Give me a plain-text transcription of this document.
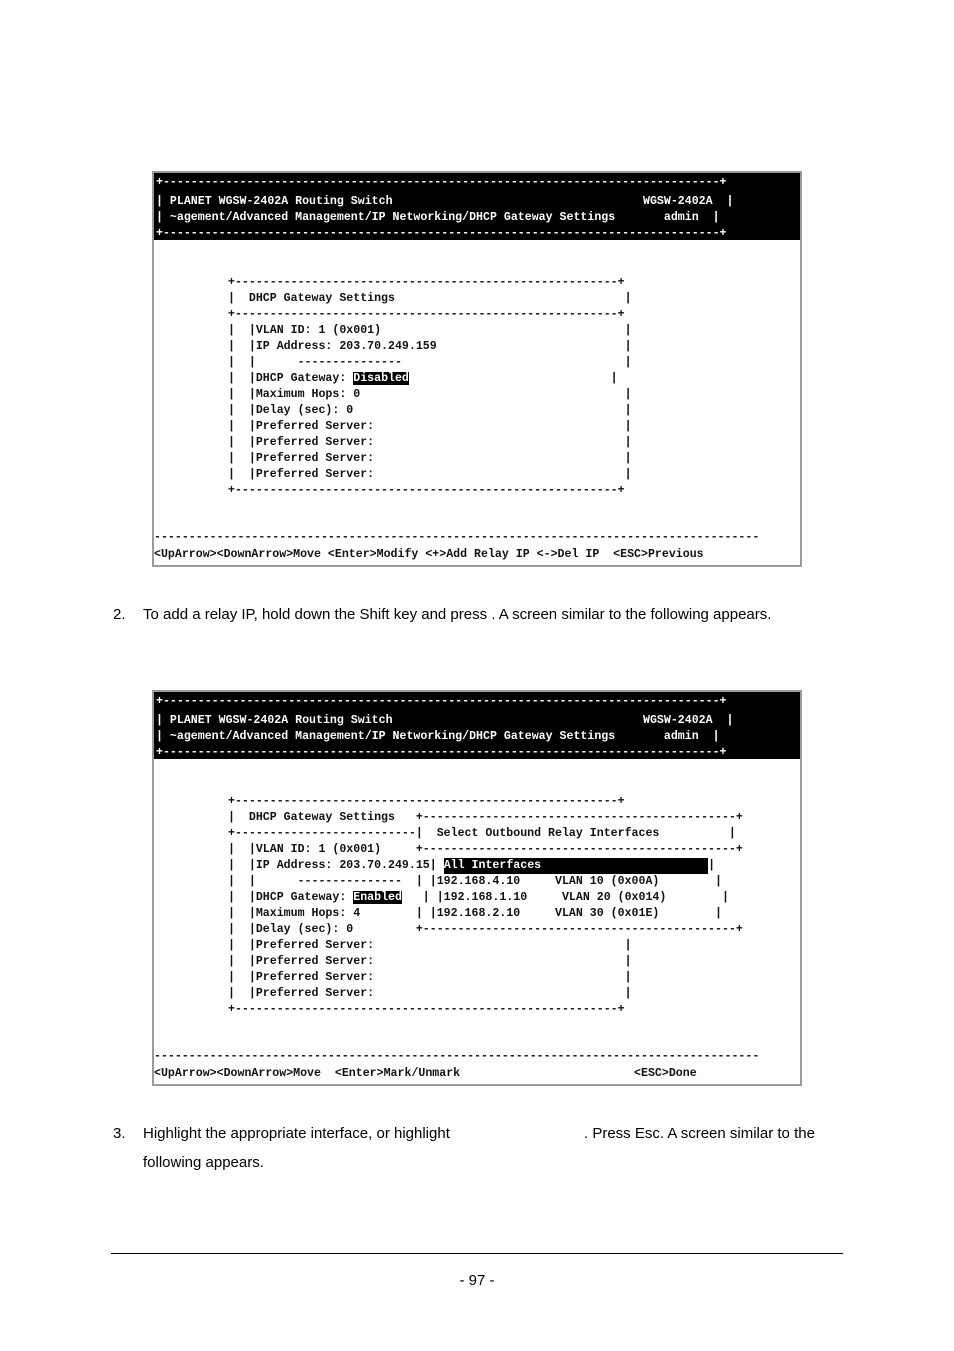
+--------------------------------------------------------------------------------+
| PLANET WGSW-2402A Routing Switch                                    WGSW-2402A  |
| ~agement/Advanced Management/IP Networking/DHCP Gateway Settings       admin  |
+--------------------------------------------------------------------------------+
+-------------------------------------------------------+
|  DHCP Gateway Settings                                 |
+-------------------------------------------------------+
|  |VLAN ID: 1 (0x001)                                   |
|  |IP Address: 203.70.249.159                           |
|  |      ---------------                                |
|  |DHCP Gateway: Disabled                             |
|  |Maximum Hops: 0                                      |
|  |Delay (sec): 0                                       |
|  |Preferred Server:                                    |
|  |Preferred Server:                                    |
|  |Preferred Server:                                    |
|  |Preferred Server:                                    |
+-------------------------------------------------------+
---------------------------------------------------------------------------------------
<UpArrow><DownArrow>Move <Enter>Modify <+>Add Relay IP <->Del IP  <ESC>Previous
2. To add a relay IP, hold down the Shift key and press . A screen similar to the following appears.
+--------------------------------------------------------------------------------+
| PLANET WGSW-2402A Routing Switch                                    WGSW-2402A  |
| ~agement/Advanced Management/IP Networking/DHCP Gateway Settings       admin  |
+--------------------------------------------------------------------------------+
+-------------------------------------------------------+
|  DHCP Gateway Settings   +---------------------------------------------+
+--------------------------|  Select Outbound Relay Interfaces          |
|  |VLAN ID: 1 (0x001)     +---------------------------------------------+
|  |IP Address: 203.70.249.15| All Interfaces	|
|  |      ---------------  | |192.168.4.10     VLAN 10 (0x00A)        |
|  |DHCP Gateway: Enabled   | |192.168.1.10     VLAN 20 (0x014)        |
|  |Maximum Hops: 4        | |192.168.2.10     VLAN 30 (0x01E)        |
|  |Delay (sec): 0         +---------------------------------------------+
|  |Preferred Server:                                    |
|  |Preferred Server:                                    |
|  |Preferred Server:                                    |
|  |Preferred Server:                                    |
+-------------------------------------------------------+
---------------------------------------------------------------------------------------
<UpArrow><DownArrow>Move  <Enter>Mark/Unmark                         <ESC>Done
3. Highlight the appropriate interface, or highlight	. Press Esc. A screen similar to the
following appears.
- 97 -
